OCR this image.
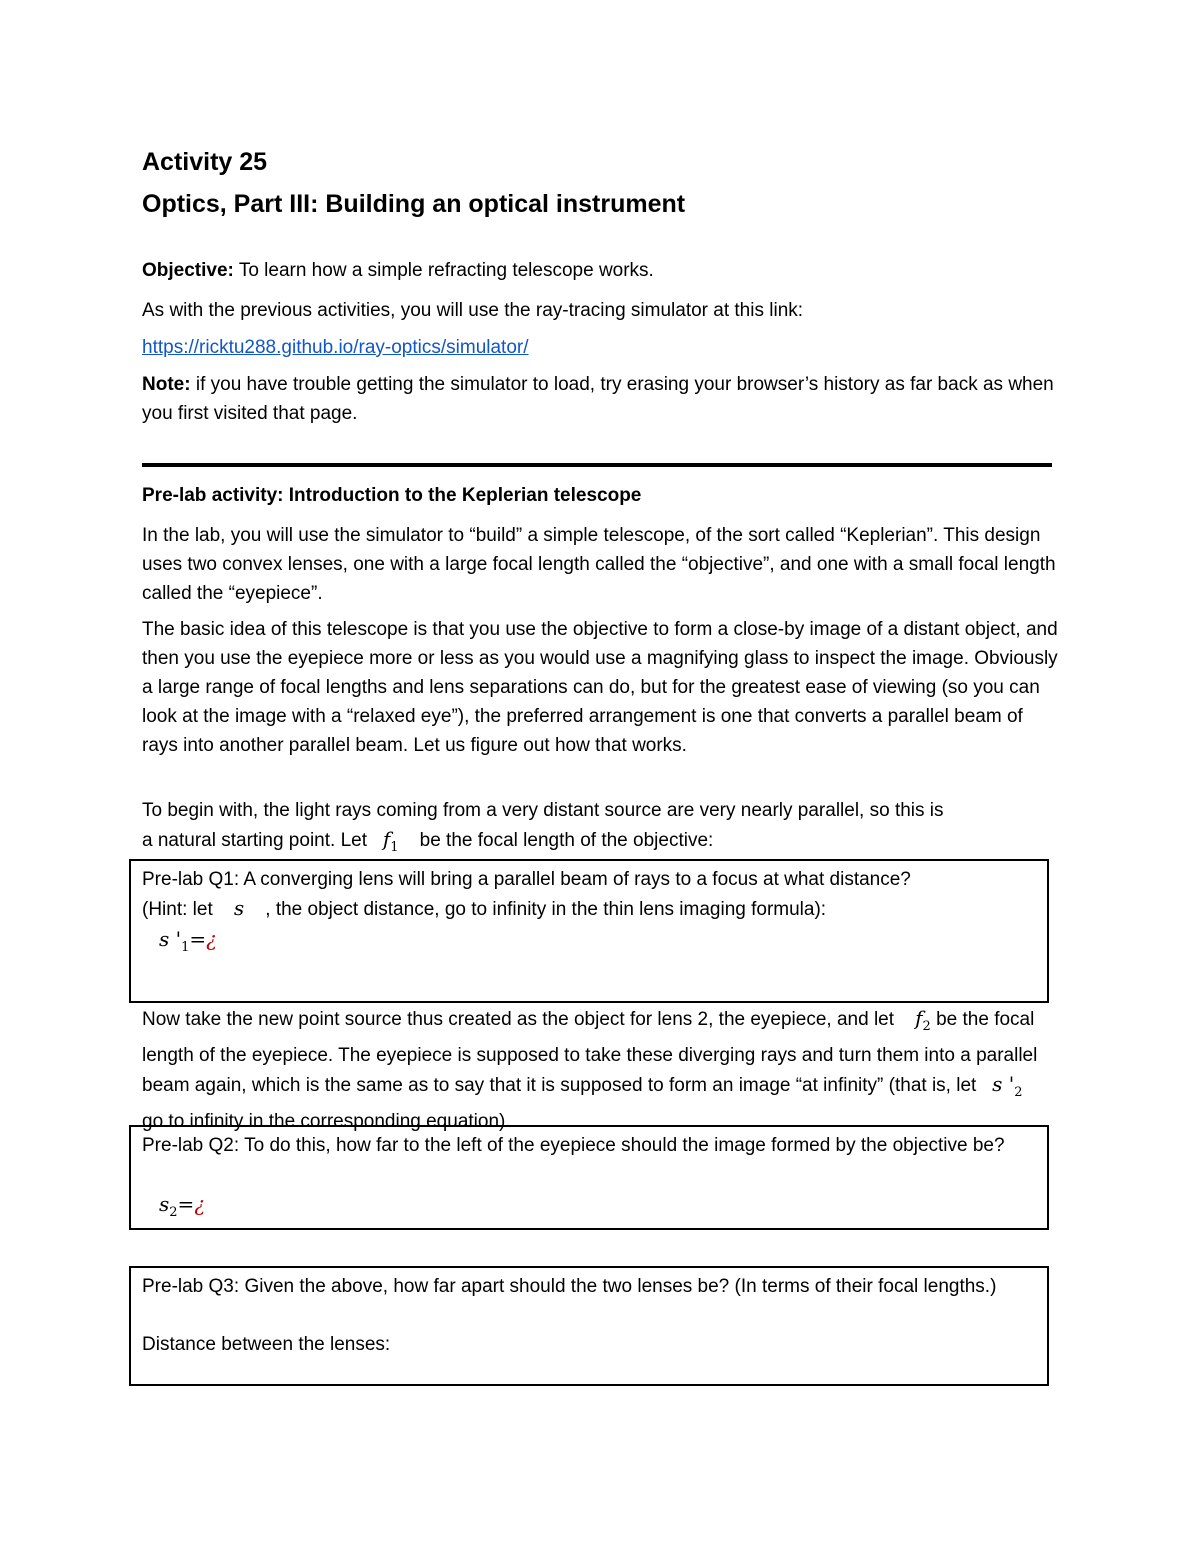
Activity 25
Optics, Part III: Building an optical instrument
Objective: To learn how a simple refracting telescope works.
As with the previous activities, you will use the ray-tracing simulator at this link:
https://ricktu288.github.io/ray-optics/simulator/
Note: if you have trouble getting the simulator to load, try erasing your browser’s history as far back as when you first visited that page.
Pre-lab activity: Introduction to the Keplerian telescope
In the lab, you will use the simulator to “build” a simple telescope, of the sort called “Keplerian”. This design uses two convex lenses, one with a large focal length called the “objective”, and one with a small focal length called the “eyepiece”.
The basic idea of this telescope is that you use the objective to form a close-by image of a distant object, and then you use the eyepiece more or less as you would use a magnifying glass to inspect the image. Obviously a large range of focal lengths and lens separations can do, but for the greatest ease of viewing (so you can look at the image with a “relaxed eye”), the preferred arrangement is one that converts a parallel beam of rays into another parallel beam. Let us figure out how that works.
To begin with, the light rays coming from a very distant source are very nearly parallel, so this is
a natural starting point. Let $f_1$ be the focal length of the objective:
Pre-lab Q1: A converging lens will bring a parallel beam of rays to a focus at what distance?
(Hint: let s , the object distance, go to infinity in the thin lens imaging formula):
s '$_1=¿$
Now take the new point source thus created as the object for lens 2, the eyepiece, and let $f_2$ be the focal length of the eyepiece. The eyepiece is supposed to take these diverging rays and turn them into a parallel beam again, which is the same as to say that it is supposed to form an image “at infinity” (that is, let s '$_2$    go to infinity in the corresponding equation).
Pre-lab Q2: To do this, how far to the left of the eyepiece should the image formed by the objective be?
$s_2=¿$
Pre-lab Q3: Given the above, how far apart should the two lenses be? (In terms of their focal lengths.)
Distance between the lenses:
